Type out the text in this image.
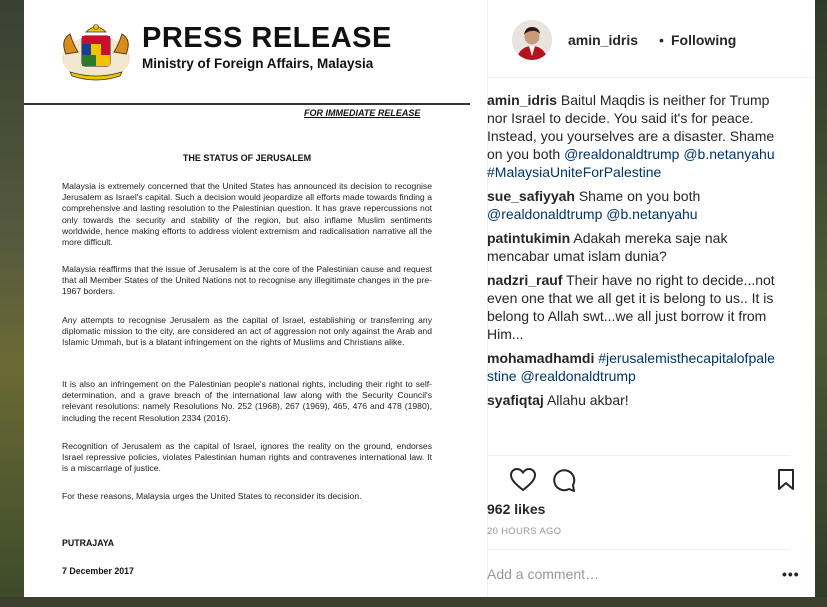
PRESS RELEASE
Ministry of Foreign Affairs, Malaysia
FOR IMMEDIATE RELEASE
THE STATUS OF JERUSALEM
Malaysia is extremely concerned that the United States has announced its decision to recognise Jerusalem as Israel's capital. Such a decision would jeopardize all efforts made towards finding a comprehensive and lasting resolution to the Palestinian question. It has grave repercussions not only towards the security and stability of the region, but also inflame Muslim sentiments worldwide, hence making efforts to address violent extremism and radicalisation narrative all the more difficult.
Malaysia reaffirms that the issue of Jerusalem is at the core of the Palestinian cause and request that all Member States of the United Nations not to recognise any illegitimate changes in the pre-1967 borders.
Any attempts to recognise Jerusalem as the capital of Israel, establishing or transferring any diplomatic mission to the city, are considered an act of aggression not only against the Arab and Islamic Ummah, but is a blatant infringement on the rights of Muslims and Christians alike.
It is also an infringement on the Palestinian people's national rights, including their right to self-determination, and a grave breach of the international law along with the Security Council's relevant resolutions: namely Resolutions No. 252 (1968), 267 (1969), 465, 476 and 478 (1980), including the recent Resolution 2334 (2016).
Recognition of Jerusalem as the capital of Israel, ignores the reality on the ground, endorses Israel repressive policies, violates Palestinian human rights and contravenes international law. It is a miscarriage of justice.
For these reasons, Malaysia urges the United States to reconsider its decision.
PUTRAJAYA
7 December 2017
amin_idris • Following
amin_idris Baitul Maqdis is neither for Trump nor Israel to decide. You said it's for peace. Instead, you yourselves are a disaster. Shame on you both @realdonaldtrump @b.netanyahu #MalaysiaUniteForPalestine
sue_safiyyah Shame on you both @realdonaldtrump @b.netanyahu
patintukimin Adakah mereka saje nak mencabar umat islam dunia?
nadzri_rauf Their have no right to decide...not even one that we all get it is belong to us.. It is belong to Allah swt...we all just borrow it from Him...
mohamadhamdi #jerusalemisthecapitalofpalestine @realdonaldtrump
syafiqtaj Allahu akbar!
962 likes
20 HOURS AGO
Add a comment…	•••
